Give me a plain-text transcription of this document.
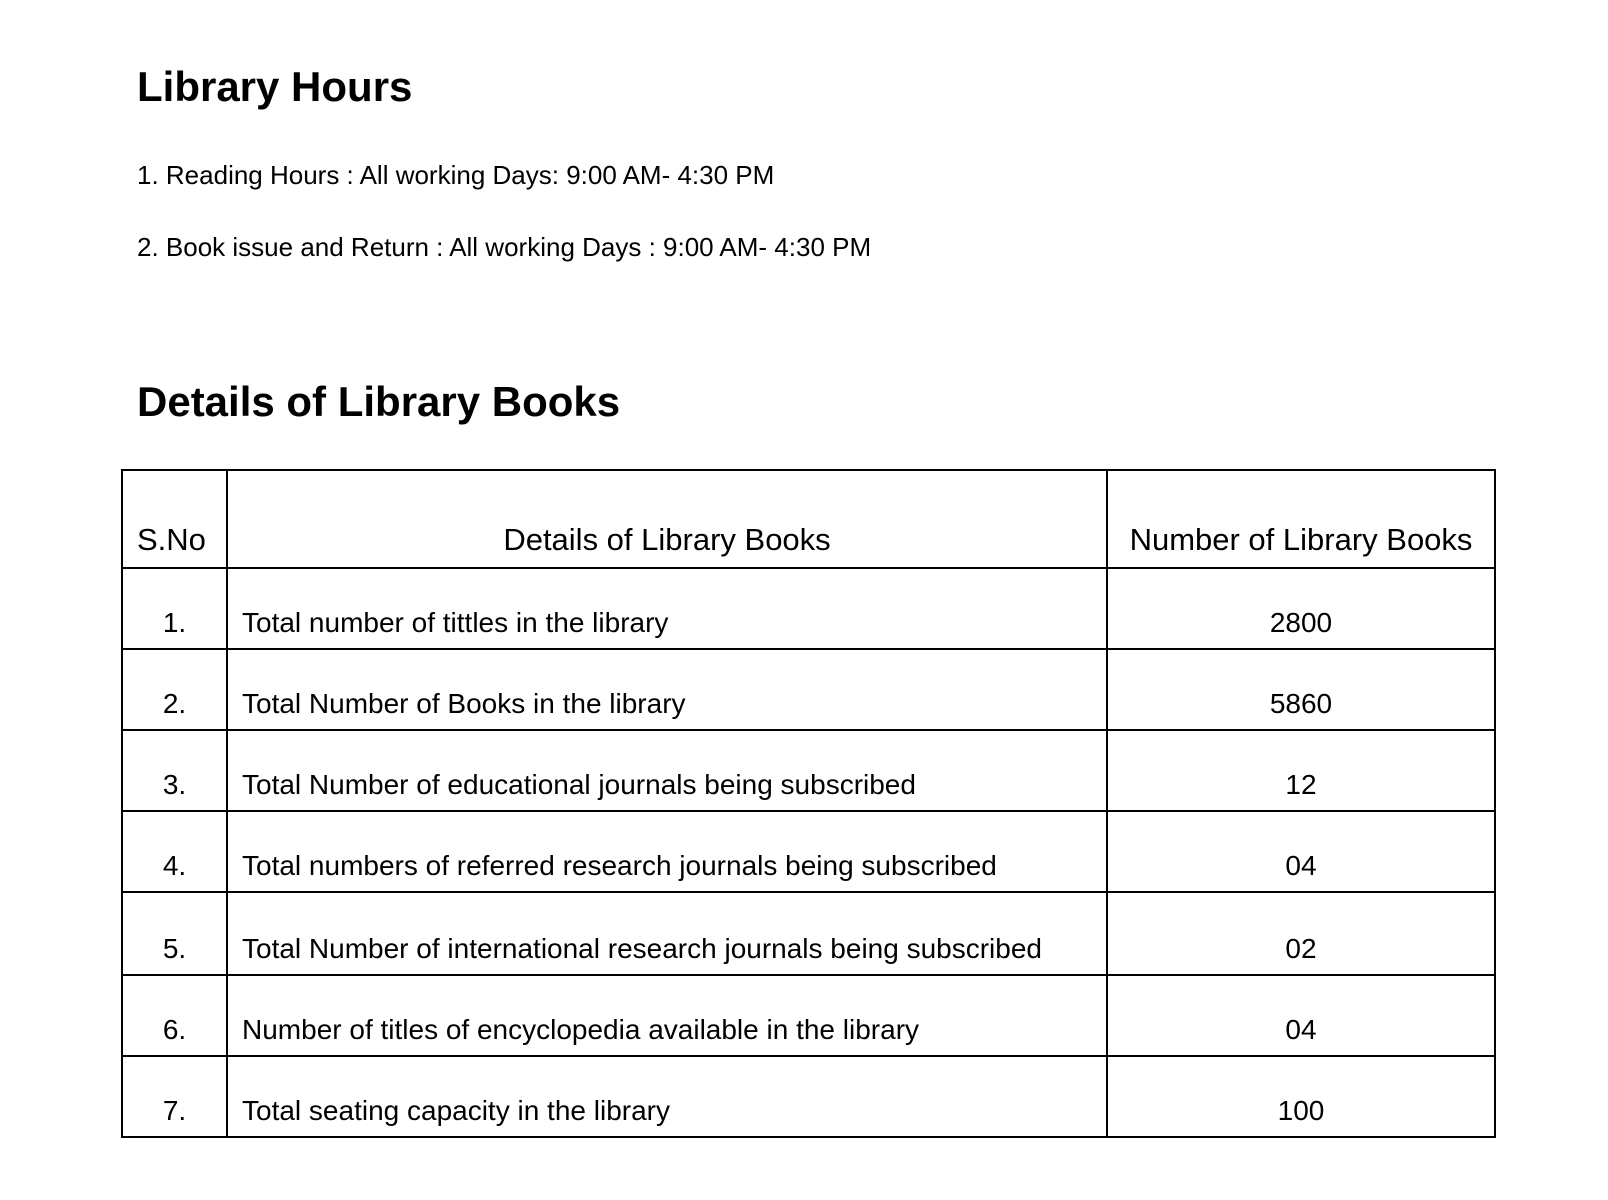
Library Hours

1. Reading Hours : All working Days: 9:00 AM- 4:30 PM

2. Book issue and Return : All working Days : 9:00 AM- 4:30 PM

Details of Library Books
S.No	Details of Library Books	Number of Library Books
1.	Total number of tittles in the library	2800
2.	Total Number of Books in the library	5860
3.	Total Number of educational journals being subscribed	12
4.	Total numbers of referred research journals being subscribed	04
5.	Total Number of international research journals being subscribed	02
6.	Number of titles of encyclopedia available in the library	04
7.	Total seating capacity in the library	100
